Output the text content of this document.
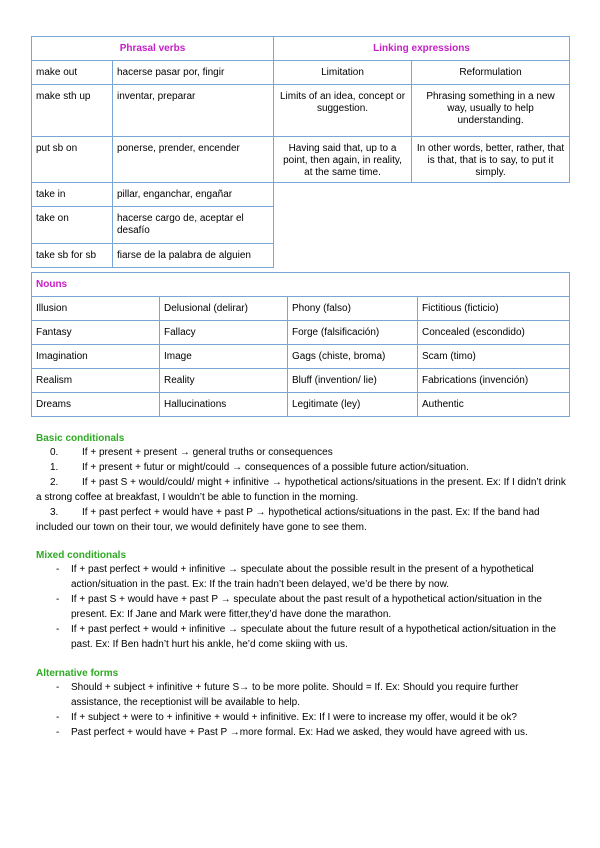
Phrasal verbs		Linking expressions	
make out	hacerse pasar por, fingir	Limitation	Reformulation
make sth up	inventar, preparar	Limits of an idea, concept or suggestion.	Phrasing something in a new way, usually to help understanding.
put sb on	ponerse, prender, encender	Having said that, up to a point, then again, in reality, at the same time.	In other words, better, rather, that is that, that is to say, to put it simply.
take in	pillar, enganchar, engañar		
take on	hacerse cargo de, aceptar el desafío		
take sb for sb	fiarse de la palabra de alguien		
Nouns			
Illusion	Delusional (delirar)	Phony (falso)	Fictitious (ficticio)
Fantasy	Fallacy	Forge (falsificación)	Concealed (escondido)
Imagination	Image	Gags (chiste, broma)	Scam (timo)
Realism	Reality	Bluff (invention/ lie)	Fabrications (invención)
Dreams	Hallucinations	Legitimate (ley)	Authentic
Basic conditionals
0.	If + present + present → general truths or consequences
1.	If + present + futur or might/could → consequences of a possible future action/situation.
2.	If + past S + would/could/ might + infinitive → hypothetical actions/situations in the present. Ex: If I didn’t drink a strong coffee at breakfast, I wouldn’t be able to function in the morning.
3.	If + past perfect + would have + past P → hypothetical actions/situations in the past. Ex: If the band had included our town on their tour, we would definitely have gone to see them.
Mixed conditionals
- If + past perfect + would + infinitive → speculate about the possible result in the present of a hypothetical action/situation in the past. Ex: If the train hadn’t been delayed, we’d be there by now.
- If + past S + would have + past P → speculate about the past result of a hypothetical action/situation in the present. Ex: If Jane and Mark were fitter,they’d have done the marathon.
- If + past perfect + would + infinitive → speculate about the future result of a hypothetical action/situation in the past. Ex: If Ben hadn’t hurt his ankle, he’d come skiing with us.
Alternative forms
- Should + subject + infinitive + future S→ to be more polite. Should = If. Ex: Should you require further assistance, the receptionist will be available to help.
- If + subject + were to + infinitive + would + infinitive. Ex: If I were to increase my offer, would it be ok?
- Past perfect + would have + Past P →more formal. Ex: Had we asked, they would have agreed with us.
